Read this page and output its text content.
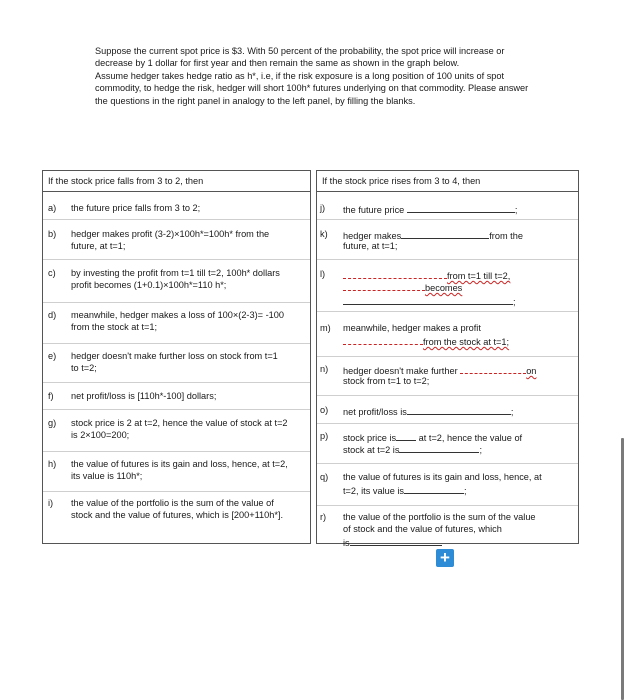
Suppose the current spot price is $3. With 50 percent of the probability, the spot price will increase or decrease by 1 dollar for first year and then remain the same as shown in the graph below.

Assume hedger takes hedge ratio as h*, i.e, if the risk exposure is a long position of 100 units of spot commodity, to hedge the risk, hedger will short 100h* futures underlying on that commodity. Please answer the questions in the right panel in analogy to the left panel, by filling the blanks.

If the stock price falls from 3 to 2, then
a)	the future price falls from 3 to 2;
b)	hedger makes profit (3-2)×100h*=100h* from the
future, at t=1;
c)	by investing the profit from t=1 till t=2, 100h* dollars
profit becomes (1+0.1)×100h*=110 h*;
d)	meanwhile, hedger makes a loss of 100×(2-3)= -100
from the stock at t=1;
e)	hedger doesn't make further loss on stock from t=1
to t=2;
f)	net profit/loss is [110h*-100] dollars;
g)	stock price is 2 at t=2, hence the value of stock at t=2
is 2×100=200;
h)	the value of futures is its gain and loss, hence, at t=2,
its value is 110h*;
i)	the value of the portfolio is the sum of the value of
stock and the value of futures, which is [200+110h*].
If the stock price rises from 3 to 4, then
j)	the future price	;
k)	hedger makes	from the
future, at t=1;
l)	from t=1 till t=2,
becomes
;
m)	meanwhile, hedger makes a profit
from the stock at t=1;
n)	hedger doesn't make further	on
stock from t=1 to t=2;
o)	net profit/loss is	;
p)	stock price is at t=2, hence the value of
stock at t=2 is	;
q)	the value of futures is its gain and loss, hence, at
t=2, its value is	;
r)	the value of the portfolio is the sum of the value
of stock and the value of futures, which
is
+
